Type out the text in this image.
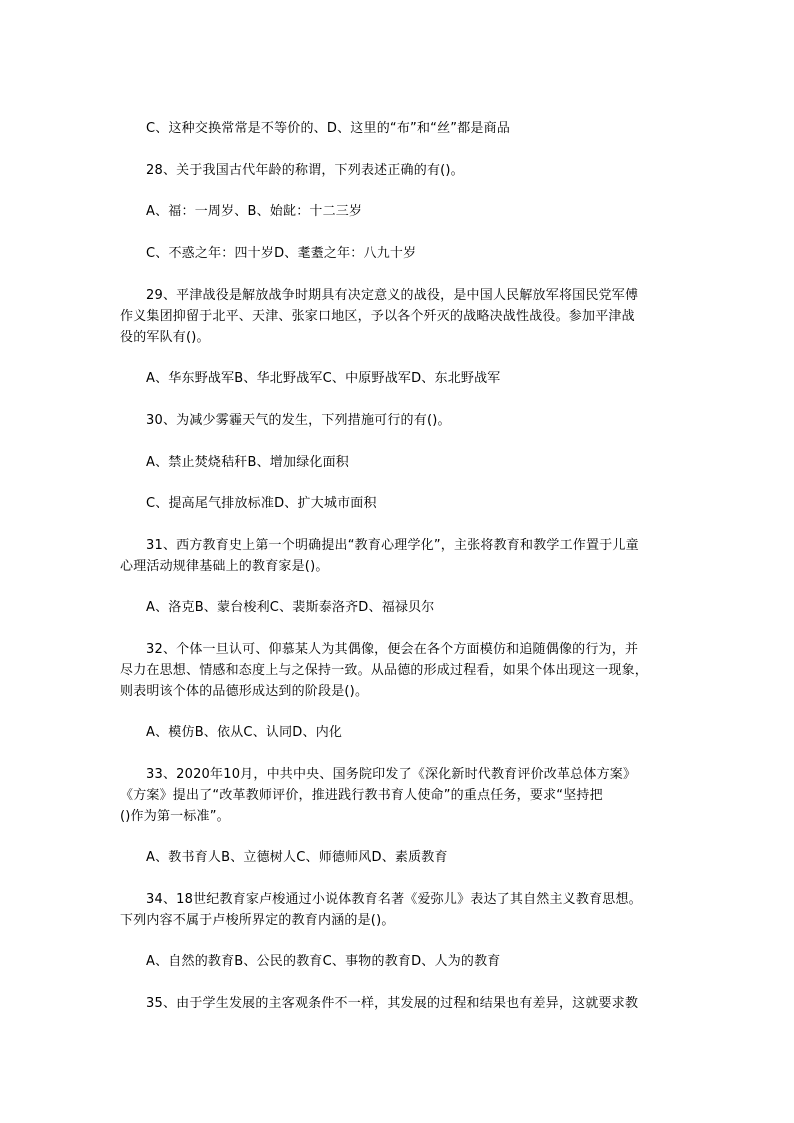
C、这种交换常常是不等价的、D、这里的“布”和“丝”都是商品
28、关于我国古代年龄的称谓，下列表述正确的有()。
A、福：一周岁、B、始龀：十二三岁
C、不惑之年：四十岁D、耄耋之年：八九十岁
29、平津战役是解放战争时期具有决定意义的战役，是中国人民解放军将国民党军傅
作义集团抑留于北平、天津、张家口地区，予以各个歼灭的战略决战性战役。参加平津战
役的军队有()。
A、华东野战军B、华北野战军C、中原野战军D、东北野战军
30、为减少雾霾天气的发生，下列措施可行的有()。
A、禁止焚烧秸秆B、增加绿化面积
C、提高尾气排放标准D、扩大城市面积
31、西方教育史上第一个明确提出“教育心理学化”，主张将教育和教学工作置于儿童
心理活动规律基础上的教育家是()。
A、洛克B、蒙台梭利C、裴斯泰洛齐D、福禄贝尔
32、个体一旦认可、仰慕某人为其偶像，便会在各个方面模仿和追随偶像的行为，并
尽力在思想、情感和态度上与之保持一致。从品德的形成过程看，如果个体出现这一现象，
则表明该个体的品德形成达到的阶段是()。
A、模仿B、依从C、认同D、内化
33、2020年10月，中共中央、国务院印发了《深化新时代教育评价改革总体方案》
《方案》提出了“改革教师评价，推进践行教书育人使命”的重点任务，要求“坚持把
()作为第一标准”。
A、教书育人B、立德树人C、师德师风D、素质教育
34、18世纪教育家卢梭通过小说体教育名著《爱弥儿》表达了其自然主义教育思想。
下列内容不属于卢梭所界定的教育内涵的是()。
A、自然的教育B、公民的教育C、事物的教育D、人为的教育
35、由于学生发展的主客观条件不一样，其发展的过程和结果也有差异，这就要求教
